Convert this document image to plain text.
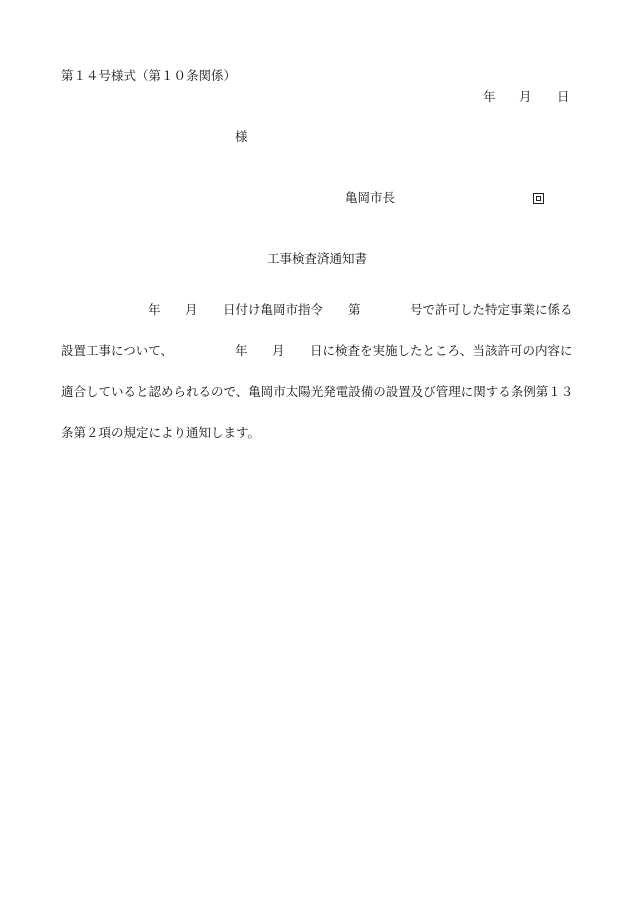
第１４号様式（第１０条関係）
年 月 日
様
亀岡市長
工事検査済通知書
年 月 日付け亀岡市指令 第	号で許可した特定事業に係る
設置工事について、	年 月 日に検査を実施したところ、当該許可の内容に
適合していると認められるので、亀岡市太陽光発電設備の設置及び管理に関する条例第１３
条第２項の規定により通知します。
